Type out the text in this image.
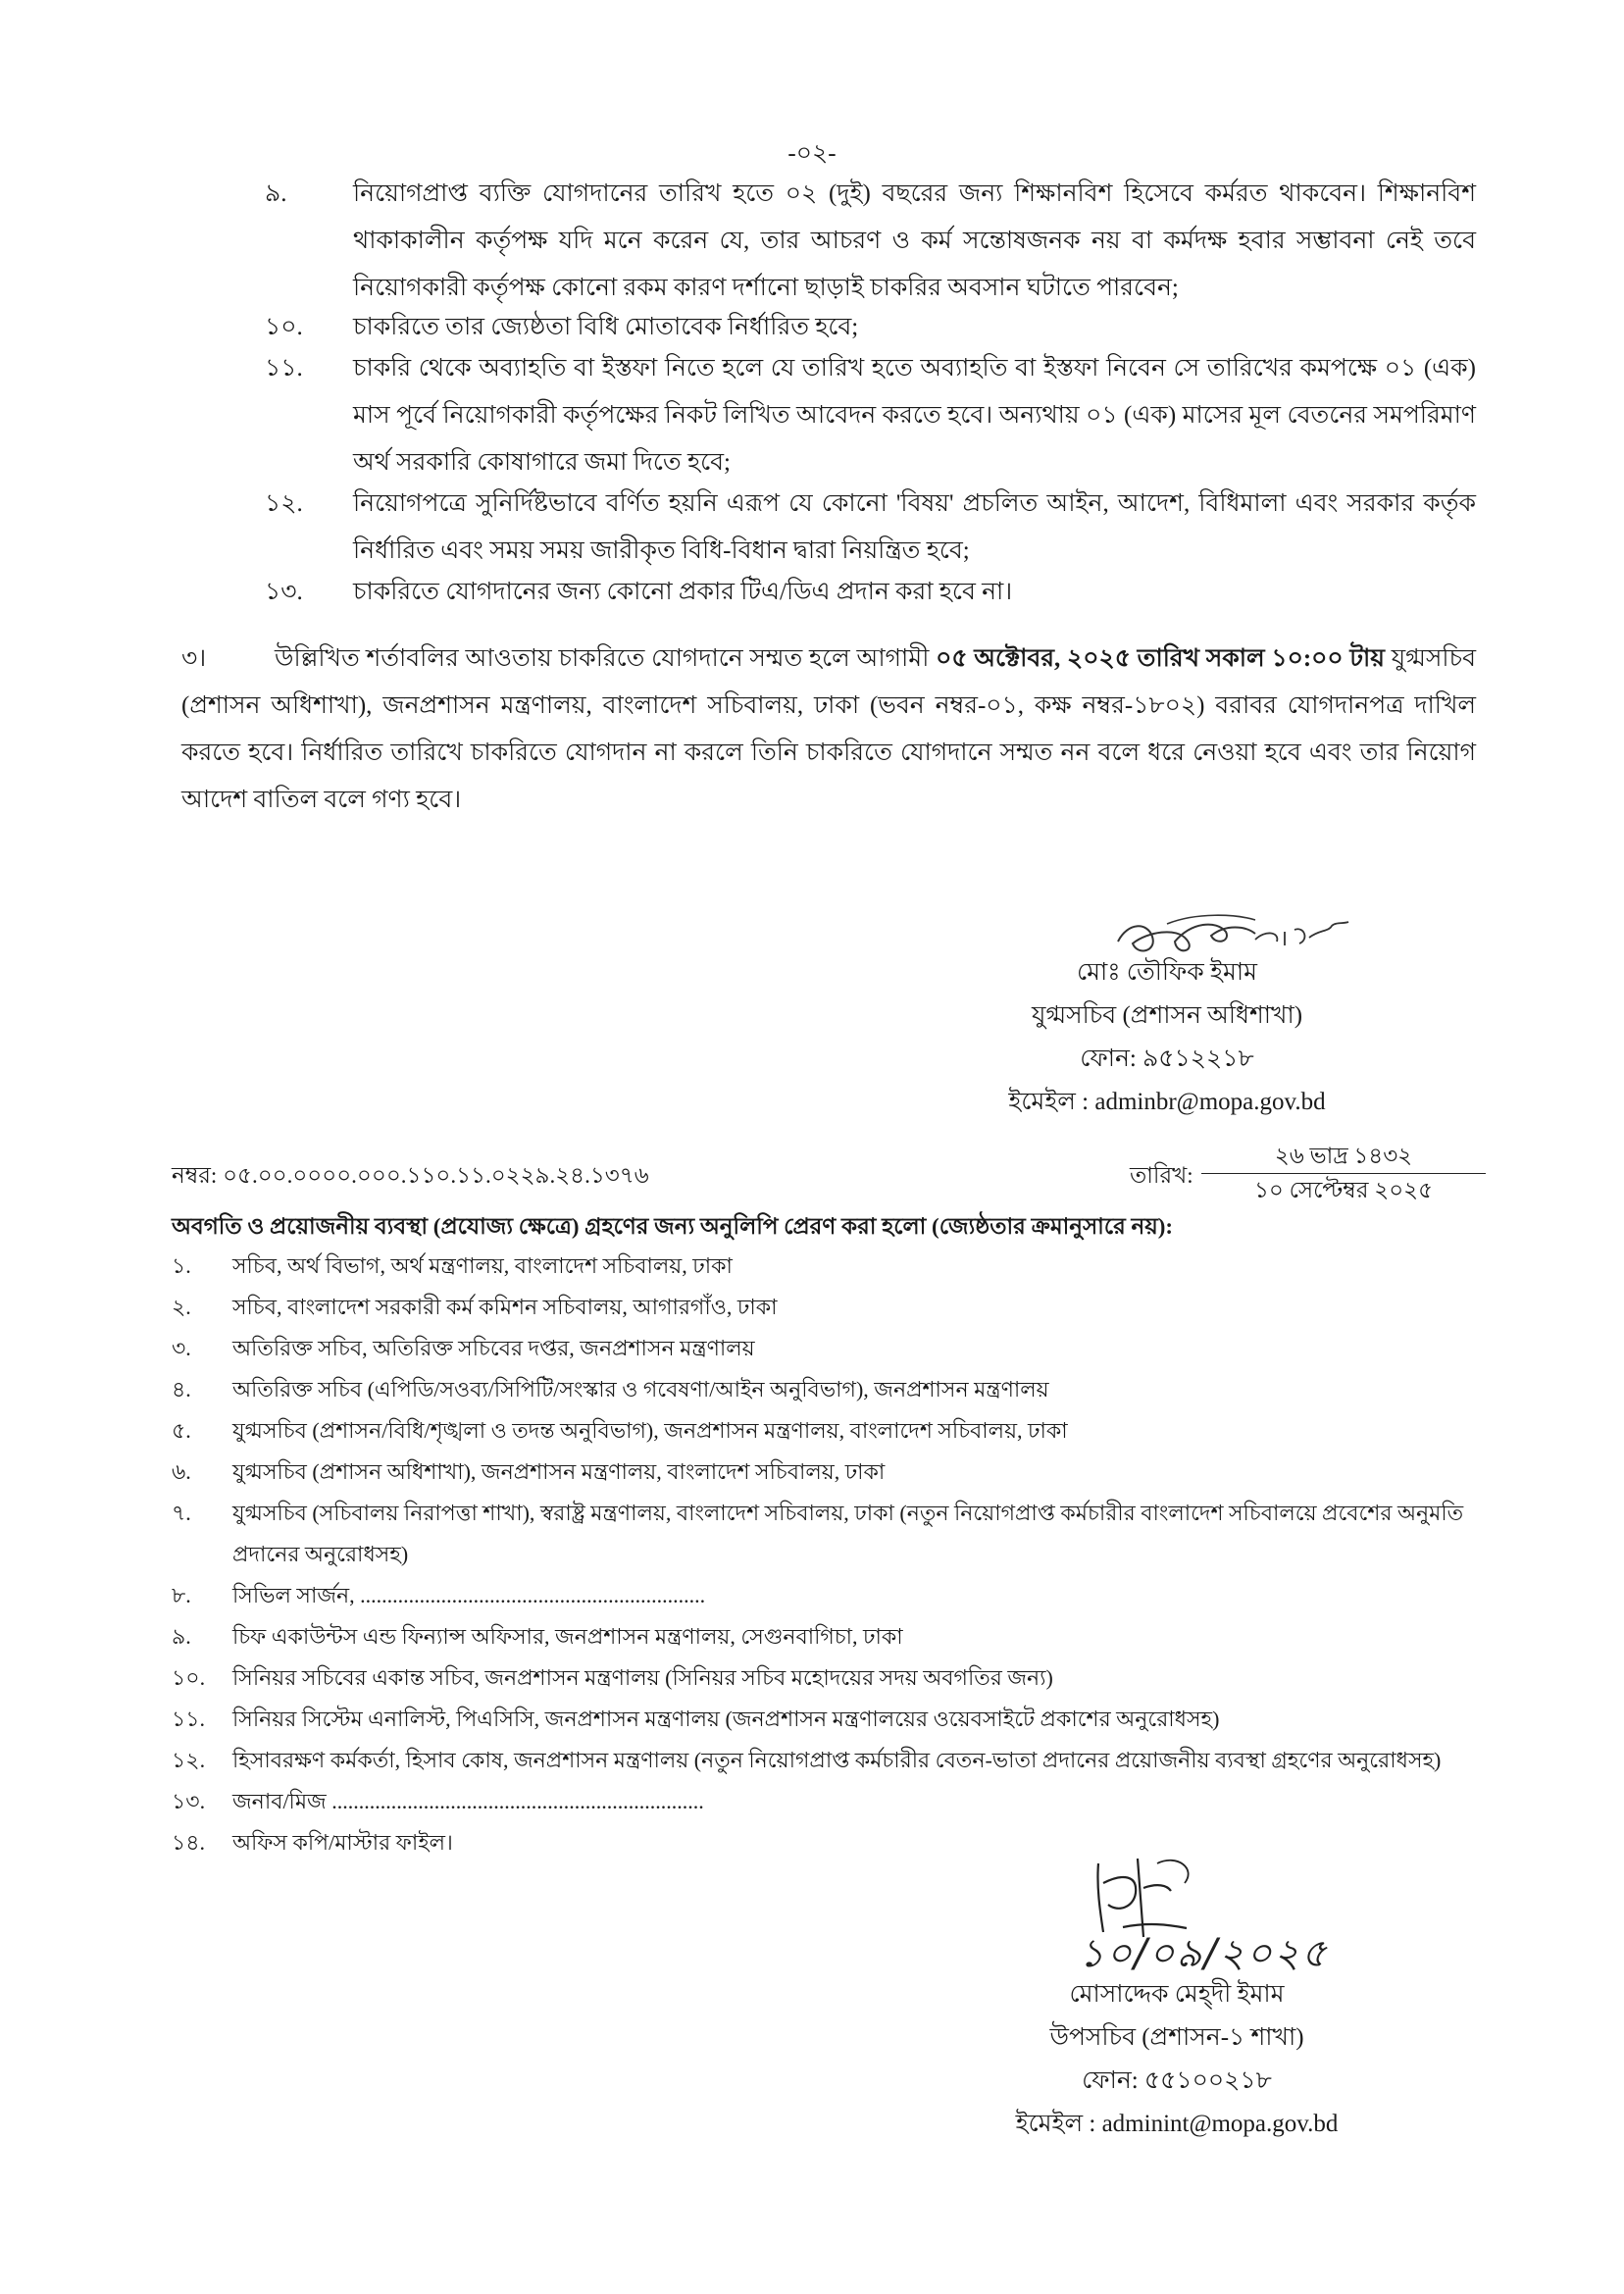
-০২-
৯.	নিয়োগপ্রাপ্ত ব্যক্তি যোগদানের তারিখ হতে ০২ (দুই) বছরের জন্য শিক্ষানবিশ হিসেবে কর্মরত থাকবেন। শিক্ষানবিশ থাকাকালীন কর্তৃপক্ষ যদি মনে করেন যে, তার আচরণ ও কর্ম সন্তোষজনক নয় বা কর্মদক্ষ হবার সম্ভাবনা নেই তবে নিয়োগকারী কর্তৃপক্ষ কোনো রকম কারণ দর্শানো ছাড়াই চাকরির অবসান ঘটাতে পারবেন;
১০.	চাকরিতে তার জ্যেষ্ঠতা বিধি মোতাবেক নির্ধারিত হবে;
১১.	চাকরি থেকে অব্যাহতি বা ইস্তফা নিতে হলে যে তারিখ হতে অব্যাহতি বা ইস্তফা নিবেন সে তারিখের কমপক্ষে ০১ (এক) মাস পূর্বে নিয়োগকারী কর্তৃপক্ষের নিকট লিখিত আবেদন করতে হবে। অন্যথায় ০১ (এক) মাসের মূল বেতনের সমপরিমাণ অর্থ সরকারি কোষাগারে জমা দিতে হবে;
১২.	নিয়োগপত্রে সুনির্দিষ্টভাবে বর্ণিত হয়নি এরূপ যে কোনো 'বিষয়' প্রচলিত আইন, আদেশ, বিধিমালা এবং সরকার কর্তৃক নির্ধারিত এবং সময় সময় জারীকৃত বিধি-বিধান দ্বারা নিয়ন্ত্রিত হবে;
১৩.	চাকরিতে যোগদানের জন্য কোনো প্রকার টিএ/ডিএ প্রদান করা হবে না।
৩।	উল্লিখিত শর্তাবলির আওতায় চাকরিতে যোগদানে সম্মত হলে আগামী ০৫ অক্টোবর, ২০২৫ তারিখ সকাল ১০:০০ টায় যুগ্মসচিব (প্রশাসন অধিশাখা), জনপ্রশাসন মন্ত্রণালয়, বাংলাদেশ সচিবালয়, ঢাকা (ভবন নম্বর-০১, কক্ষ নম্বর-১৮০২) বরাবর যোগদানপত্র দাখিল করতে হবে। নির্ধারিত তারিখে চাকরিতে যোগদান না করলে তিনি চাকরিতে যোগদানে সম্মত নন বলে ধরে নেওয়া হবে এবং তার নিয়োগ আদেশ বাতিল বলে গণ্য হবে।
মোঃ তৌফিক ইমাম
যুগ্মসচিব (প্রশাসন অধিশাখা)
ফোন: ৯৫১২২১৮
ইমেইল : adminbr@mopa.gov.bd
নম্বর: ০৫.০০.০০০০.০০০.১১০.১১.০২২৯.২৪.১৩৭৬	তারিখ:
২৬ ভাদ্র ১৪৩২
১০ সেপ্টেম্বর ২০২৫
অবগতি ও প্রয়োজনীয় ব্যবস্থা (প্রযোজ্য ক্ষেত্রে) গ্রহণের জন্য অনুলিপি প্রেরণ করা হলো (জ্যেষ্ঠতার ক্রমানুসারে নয়):
১. সচিব, অর্থ বিভাগ, অর্থ মন্ত্রণালয়, বাংলাদেশ সচিবালয়, ঢাকা
২. সচিব, বাংলাদেশ সরকারী কর্ম কমিশন সচিবালয়, আগারগাঁও, ঢাকা
৩. অতিরিক্ত সচিব, অতিরিক্ত সচিবের দপ্তর, জনপ্রশাসন মন্ত্রণালয়
৪. অতিরিক্ত সচিব (এপিডি/সওব্য/সিপিটি/সংস্কার ও গবেষণা/আইন অনুবিভাগ), জনপ্রশাসন মন্ত্রণালয়
৫. যুগ্মসচিব (প্রশাসন/বিধি/শৃঙ্খলা ও তদন্ত অনুবিভাগ), জনপ্রশাসন মন্ত্রণালয়, বাংলাদেশ সচিবালয়, ঢাকা
৬. যুগ্মসচিব (প্রশাসন অধিশাখা), জনপ্রশাসন মন্ত্রণালয়, বাংলাদেশ সচিবালয়, ঢাকা
৭. যুগ্মসচিব (সচিবালয় নিরাপত্তা শাখা), স্বরাষ্ট্র মন্ত্রণালয়, বাংলাদেশ সচিবালয়, ঢাকা (নতুন নিয়োগপ্রাপ্ত কর্মচারীর বাংলাদেশ সচিবালয়ে প্রবেশের অনুমতি প্রদানের অনুরোধসহ)
৮. সিভিল সার্জন, ................................................................
৯. চিফ একাউন্টস এন্ড ফিন্যান্স অফিসার, জনপ্রশাসন মন্ত্রণালয়, সেগুনবাগিচা, ঢাকা
১০. সিনিয়র সচিবের একান্ত সচিব, জনপ্রশাসন মন্ত্রণালয় (সিনিয়র সচিব মহোদয়ের সদয় অবগতির জন্য)
১১. সিনিয়র সিস্টেম এনালিস্ট, পিএসিসি, জনপ্রশাসন মন্ত্রণালয় (জনপ্রশাসন মন্ত্রণালয়ের ওয়েবসাইটে প্রকাশের অনুরোধসহ)
১২. হিসাবরক্ষণ কর্মকর্তা, হিসাব কোষ, জনপ্রশাসন মন্ত্রণালয় (নতুন নিয়োগপ্রাপ্ত কর্মচারীর বেতন-ভাতা প্রদানের প্রয়োজনীয় ব্যবস্থা গ্রহণের অনুরোধসহ)
১৩. জনাব/মিজ .....................................................................
১৪. অফিস কপি/মাস্টার ফাইল।
১০/০৯/২০২৫
মোসাদ্দেক মেহ্দী ইমাম
উপসচিব (প্রশাসন-১ শাখা)
ফোন: ৫৫১০০২১৮
ইমেইল : adminint@mopa.gov.bd
